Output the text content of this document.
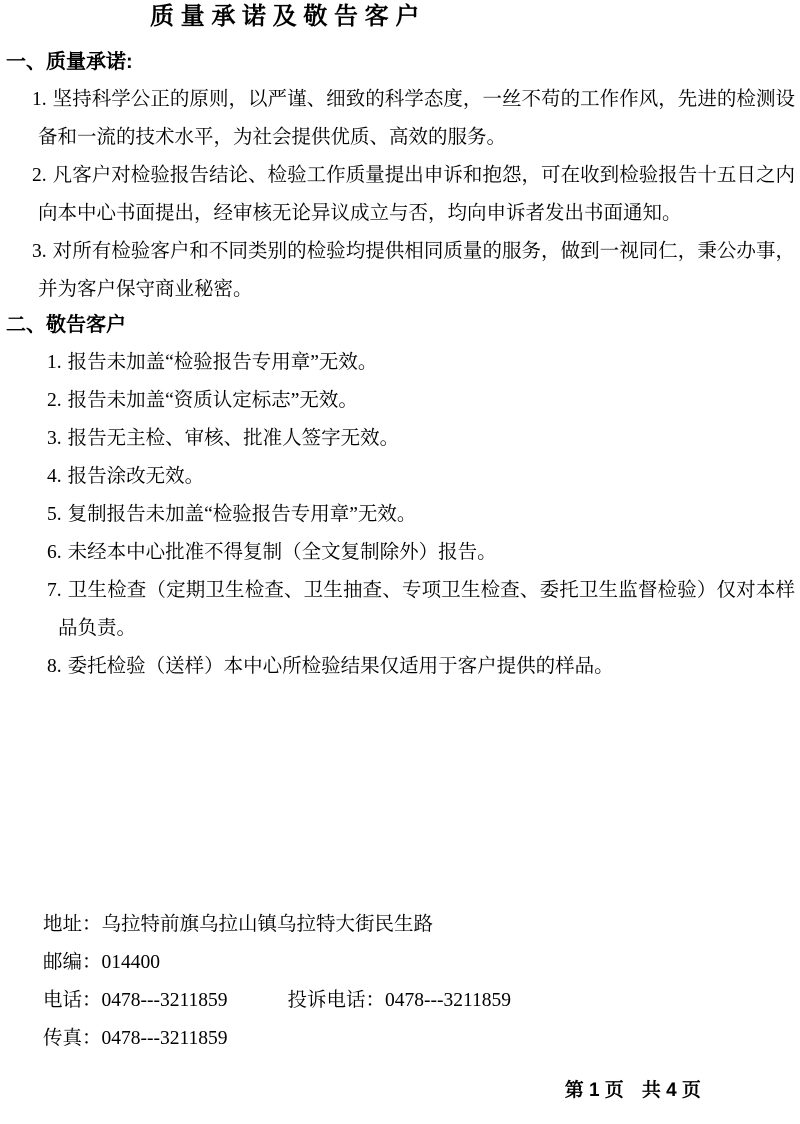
质 量 承 诺 及 敬 告 客 户
一、质量承诺:
1. 坚持科学公正的原则，以严谨、细致的科学态度，一丝不苟的工作作风，先进的检测设备和一流的技术水平，为社会提供优质、高效的服务。
2. 凡客户对检验报告结论、检验工作质量提出申诉和抱怨，可在收到检验报告十五日之内向本中心书面提出，经审核无论异议成立与否，均向申诉者发出书面通知。
3. 对所有检验客户和不同类别的检验均提供相同质量的服务，做到一视同仁，秉公办事，并为客户保守商业秘密。
二、敬告客户
1. 报告未加盖“检验报告专用章”无效。
2. 报告未加盖“资质认定标志”无效。
3. 报告无主检、审核、批准人签字无效。
4. 报告涂改无效。
5. 复制报告未加盖“检验报告专用章”无效。
6. 未经本中心批准不得复制（全文复制除外）报告。
7. 卫生检查（定期卫生检查、卫生抽查、专项卫生检查、委托卫生监督检验）仅对本样品负责。
8. 委托检验（送样）本中心所检验结果仅适用于客户提供的样品。
地址：乌拉特前旗乌拉山镇乌拉特大街民生路
邮编：014400
电话：0478---3211859	投诉电话：0478---3211859
传真：0478---3211859

第 1 页 共 4 页
